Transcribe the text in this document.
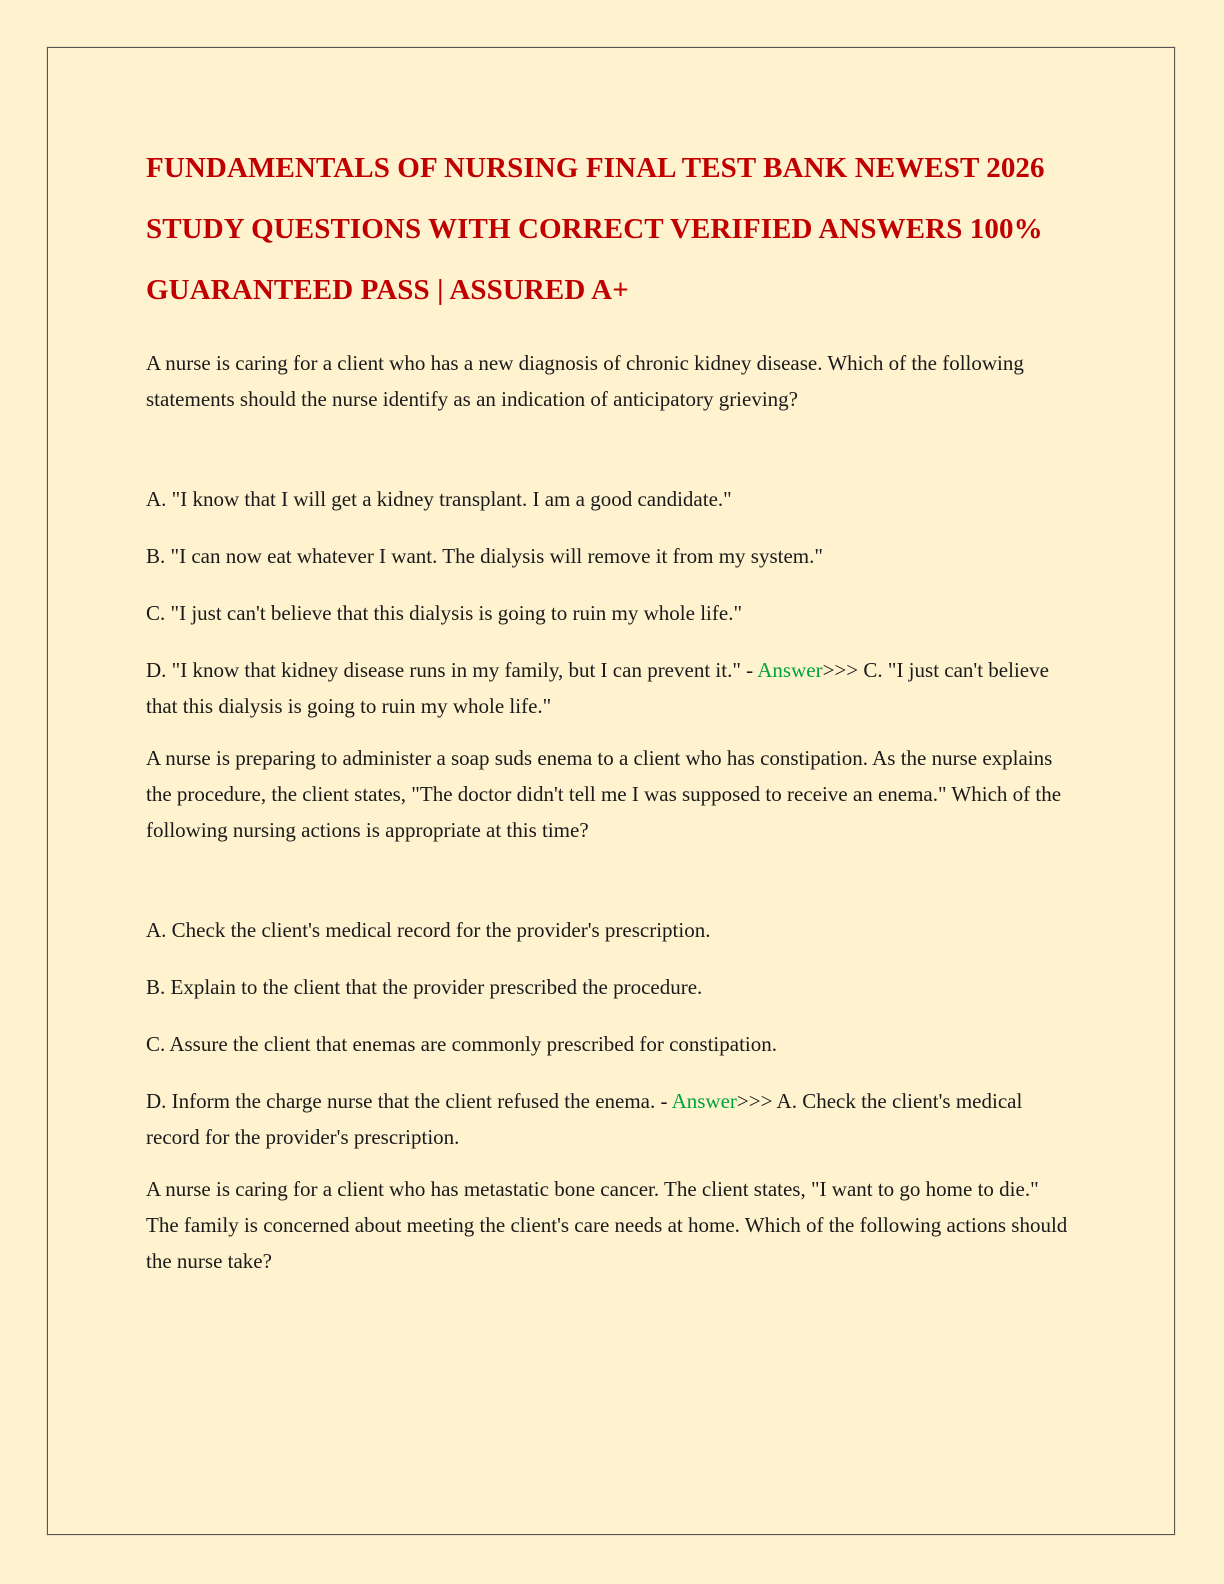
FUNDAMENTALS OF NURSING FINAL TEST BANK NEWEST 2026 STUDY QUESTIONS WITH CORRECT VERIFIED ANSWERS 100% GUARANTEED PASS | ASSURED A+

A nurse is caring for a client who has a new diagnosis of chronic kidney disease. Which of the following statements should the nurse identify as an indication of anticipatory grieving?

A. "I know that I will get a kidney transplant. I am a good candidate."

B. "I can now eat whatever I want. The dialysis will remove it from my system."

C. "I just can't believe that this dialysis is going to ruin my whole life."

D. "I know that kidney disease runs in my family, but I can prevent it." - Answer>>> C. "I just can't believe that this dialysis is going to ruin my whole life."

A nurse is preparing to administer a soap suds enema to a client who has constipation. As the nurse explains the procedure, the client states, "The doctor didn't tell me I was supposed to receive an enema." Which of the following nursing actions is appropriate at this time?

A. Check the client's medical record for the provider's prescription.

B. Explain to the client that the provider prescribed the procedure.

C. Assure the client that enemas are commonly prescribed for constipation.

D. Inform the charge nurse that the client refused the enema. - Answer>>> A. Check the client's medical record for the provider's prescription.

A nurse is caring for a client who has metastatic bone cancer. The client states, "I want to go home to die." The family is concerned about meeting the client's care needs at home. Which of the following actions should the nurse take?
